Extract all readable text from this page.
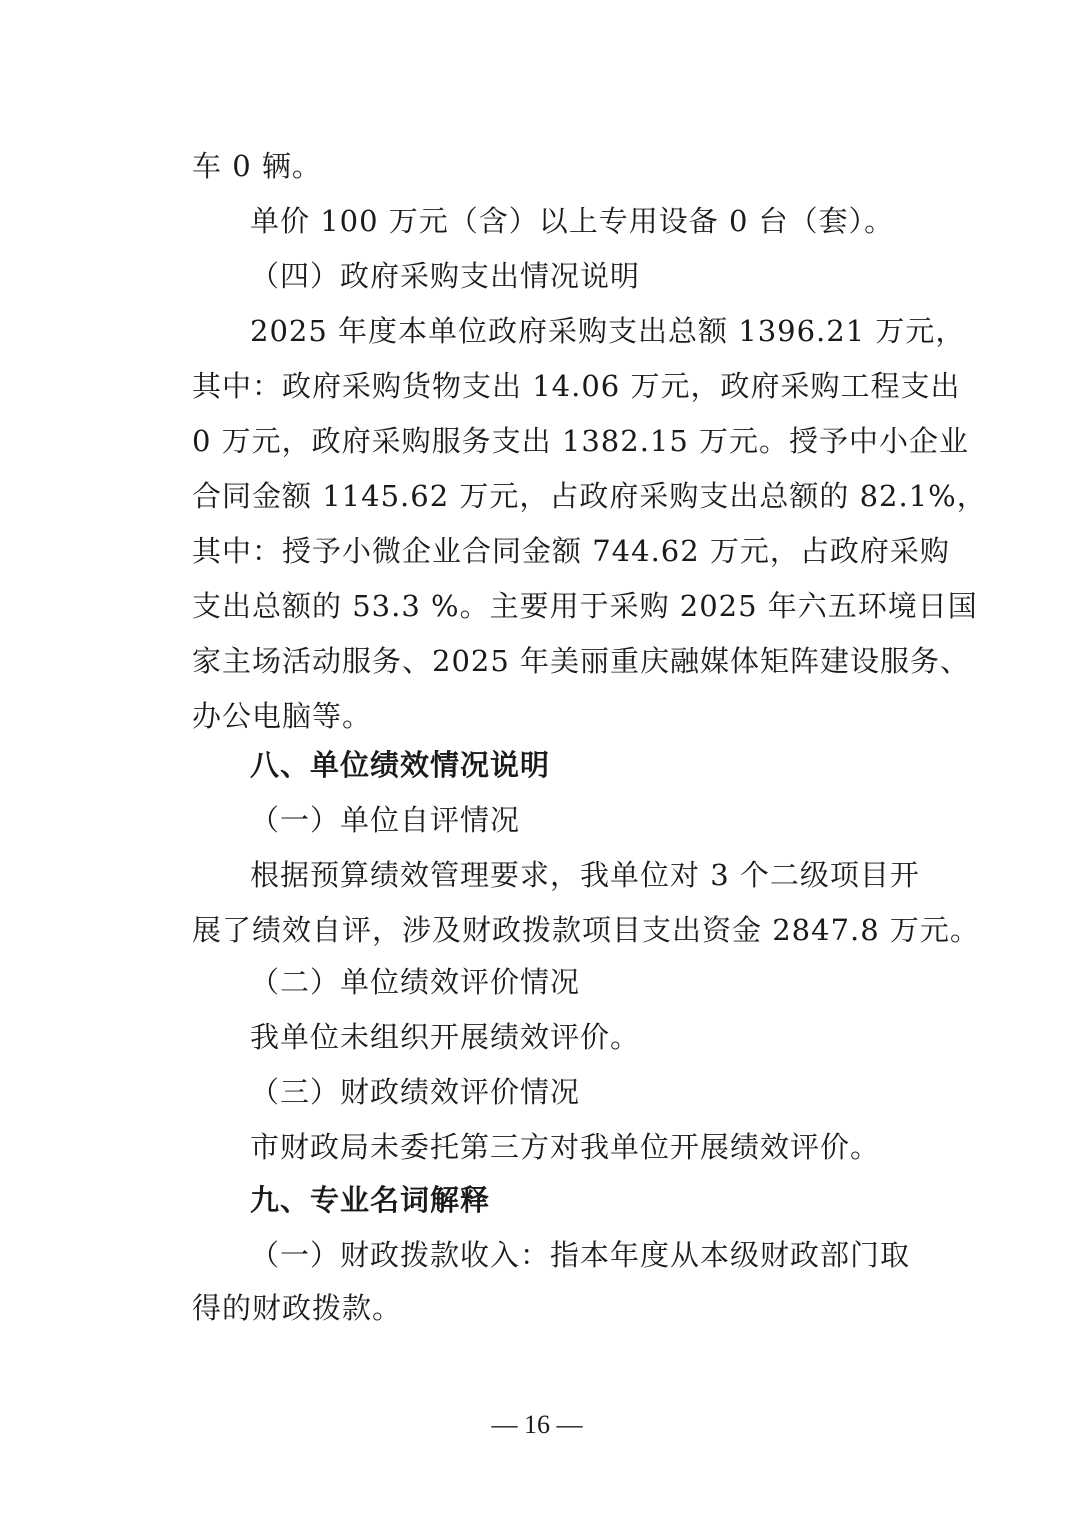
车 0 辆。
单价 100 万元（含）以上专用设备 0 台（套）。
（四）政府采购支出情况说明
2025 年度本单位政府采购支出总额 1396.21 万元，
其中：政府采购货物支出 14.06 万元，政府采购工程支出
0 万元，政府采购服务支出 1382.15 万元。授予中小企业
合同金额 1145.62 万元，占政府采购支出总额的 82.1%，
其中：授予小微企业合同金额 744.62 万元，占政府采购
支出总额的 53.3 %。主要用于采购 2025 年六五环境日国
家主场活动服务、2025 年美丽重庆融媒体矩阵建设服务、
办公电脑等。
八、单位绩效情况说明
（一）单位自评情况
根据预算绩效管理要求，我单位对 3 个二级项目开
展了绩效自评，涉及财政拨款项目支出资金 2847.8 万元。
（二）单位绩效评价情况
我单位未组织开展绩效评价。
（三）财政绩效评价情况
市财政局未委托第三方对我单位开展绩效评价。
九、专业名词解释
（一）财政拨款收入：指本年度从本级财政部门取
得的财政拨款。
— 16 —
